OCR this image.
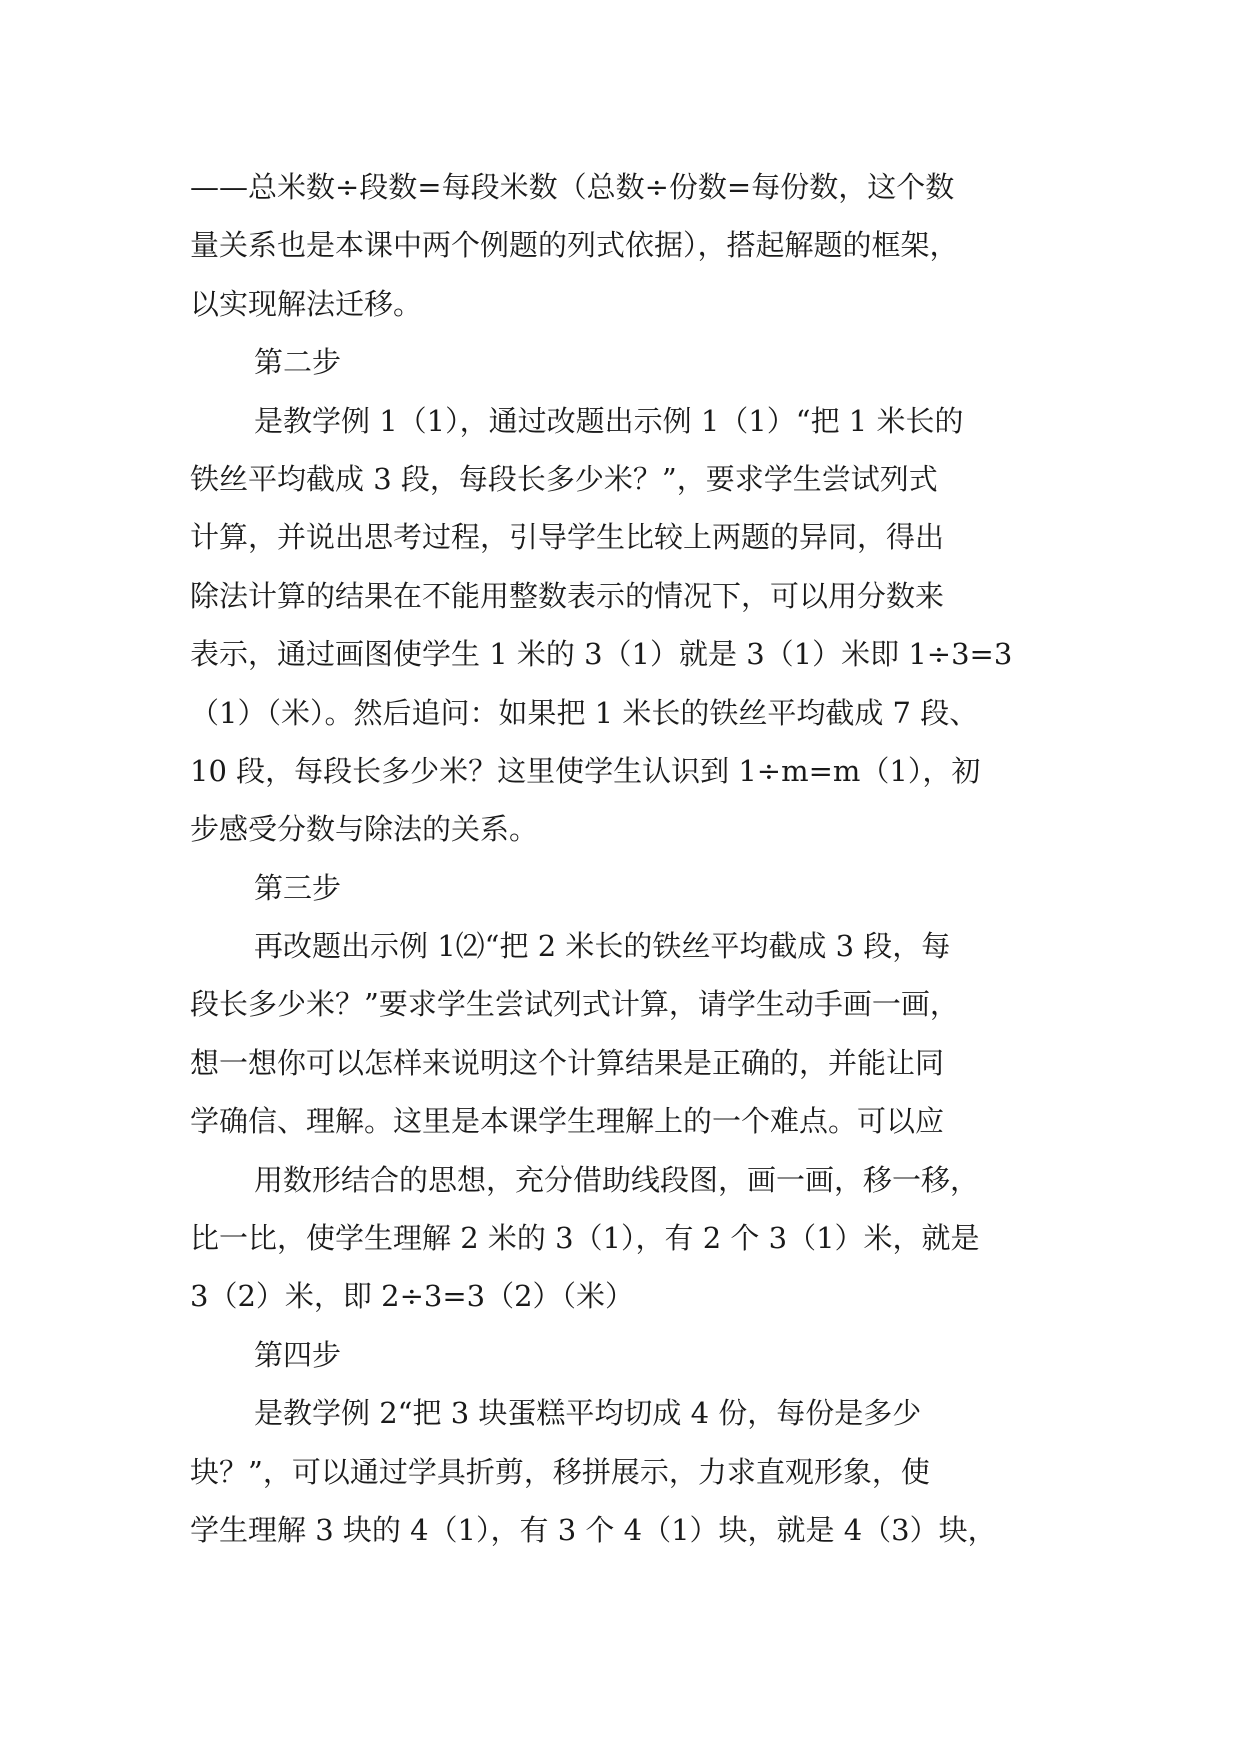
——总米数÷段数=每段米数（总数÷份数=每份数，这个数
量关系也是本课中两个例题的列式依据），搭起解题的框架，
以实现解法迁移。
第二步
是教学例 1（1），通过改题出示例 1（1）“把 1 米长的
铁丝平均截成 3 段，每段长多少米？”，要求学生尝试列式
计算，并说出思考过程，引导学生比较上两题的异同，得出
除法计算的结果在不能用整数表示的情况下，可以用分数来
表示，通过画图使学生 1 米的 3（1）就是 3（1）米即 1÷3=3
（1）（米）。然后追问：如果把 1 米长的铁丝平均截成 7 段、
10 段，每段长多少米？这里使学生认识到 1÷m=m（1），初
步感受分数与除法的关系。
第三步
再改题出示例 1⑵“把 2 米长的铁丝平均截成 3 段，每
段长多少米？”要求学生尝试列式计算，请学生动手画一画，
想一想你可以怎样来说明这个计算结果是正确的，并能让同
学确信、理解。这里是本课学生理解上的一个难点。可以应
用数形结合的思想，充分借助线段图，画一画，移一移，
比一比，使学生理解 2 米的 3（1），有 2 个 3（1）米，就是
3（2）米，即 2÷3=3（2）（米）
第四步
是教学例 2“把 3 块蛋糕平均切成 4 份，每份是多少
块？”，可以通过学具折剪，移拼展示，力求直观形象，使
学生理解 3 块的 4（1），有 3 个 4（1）块，就是 4（3）块，
